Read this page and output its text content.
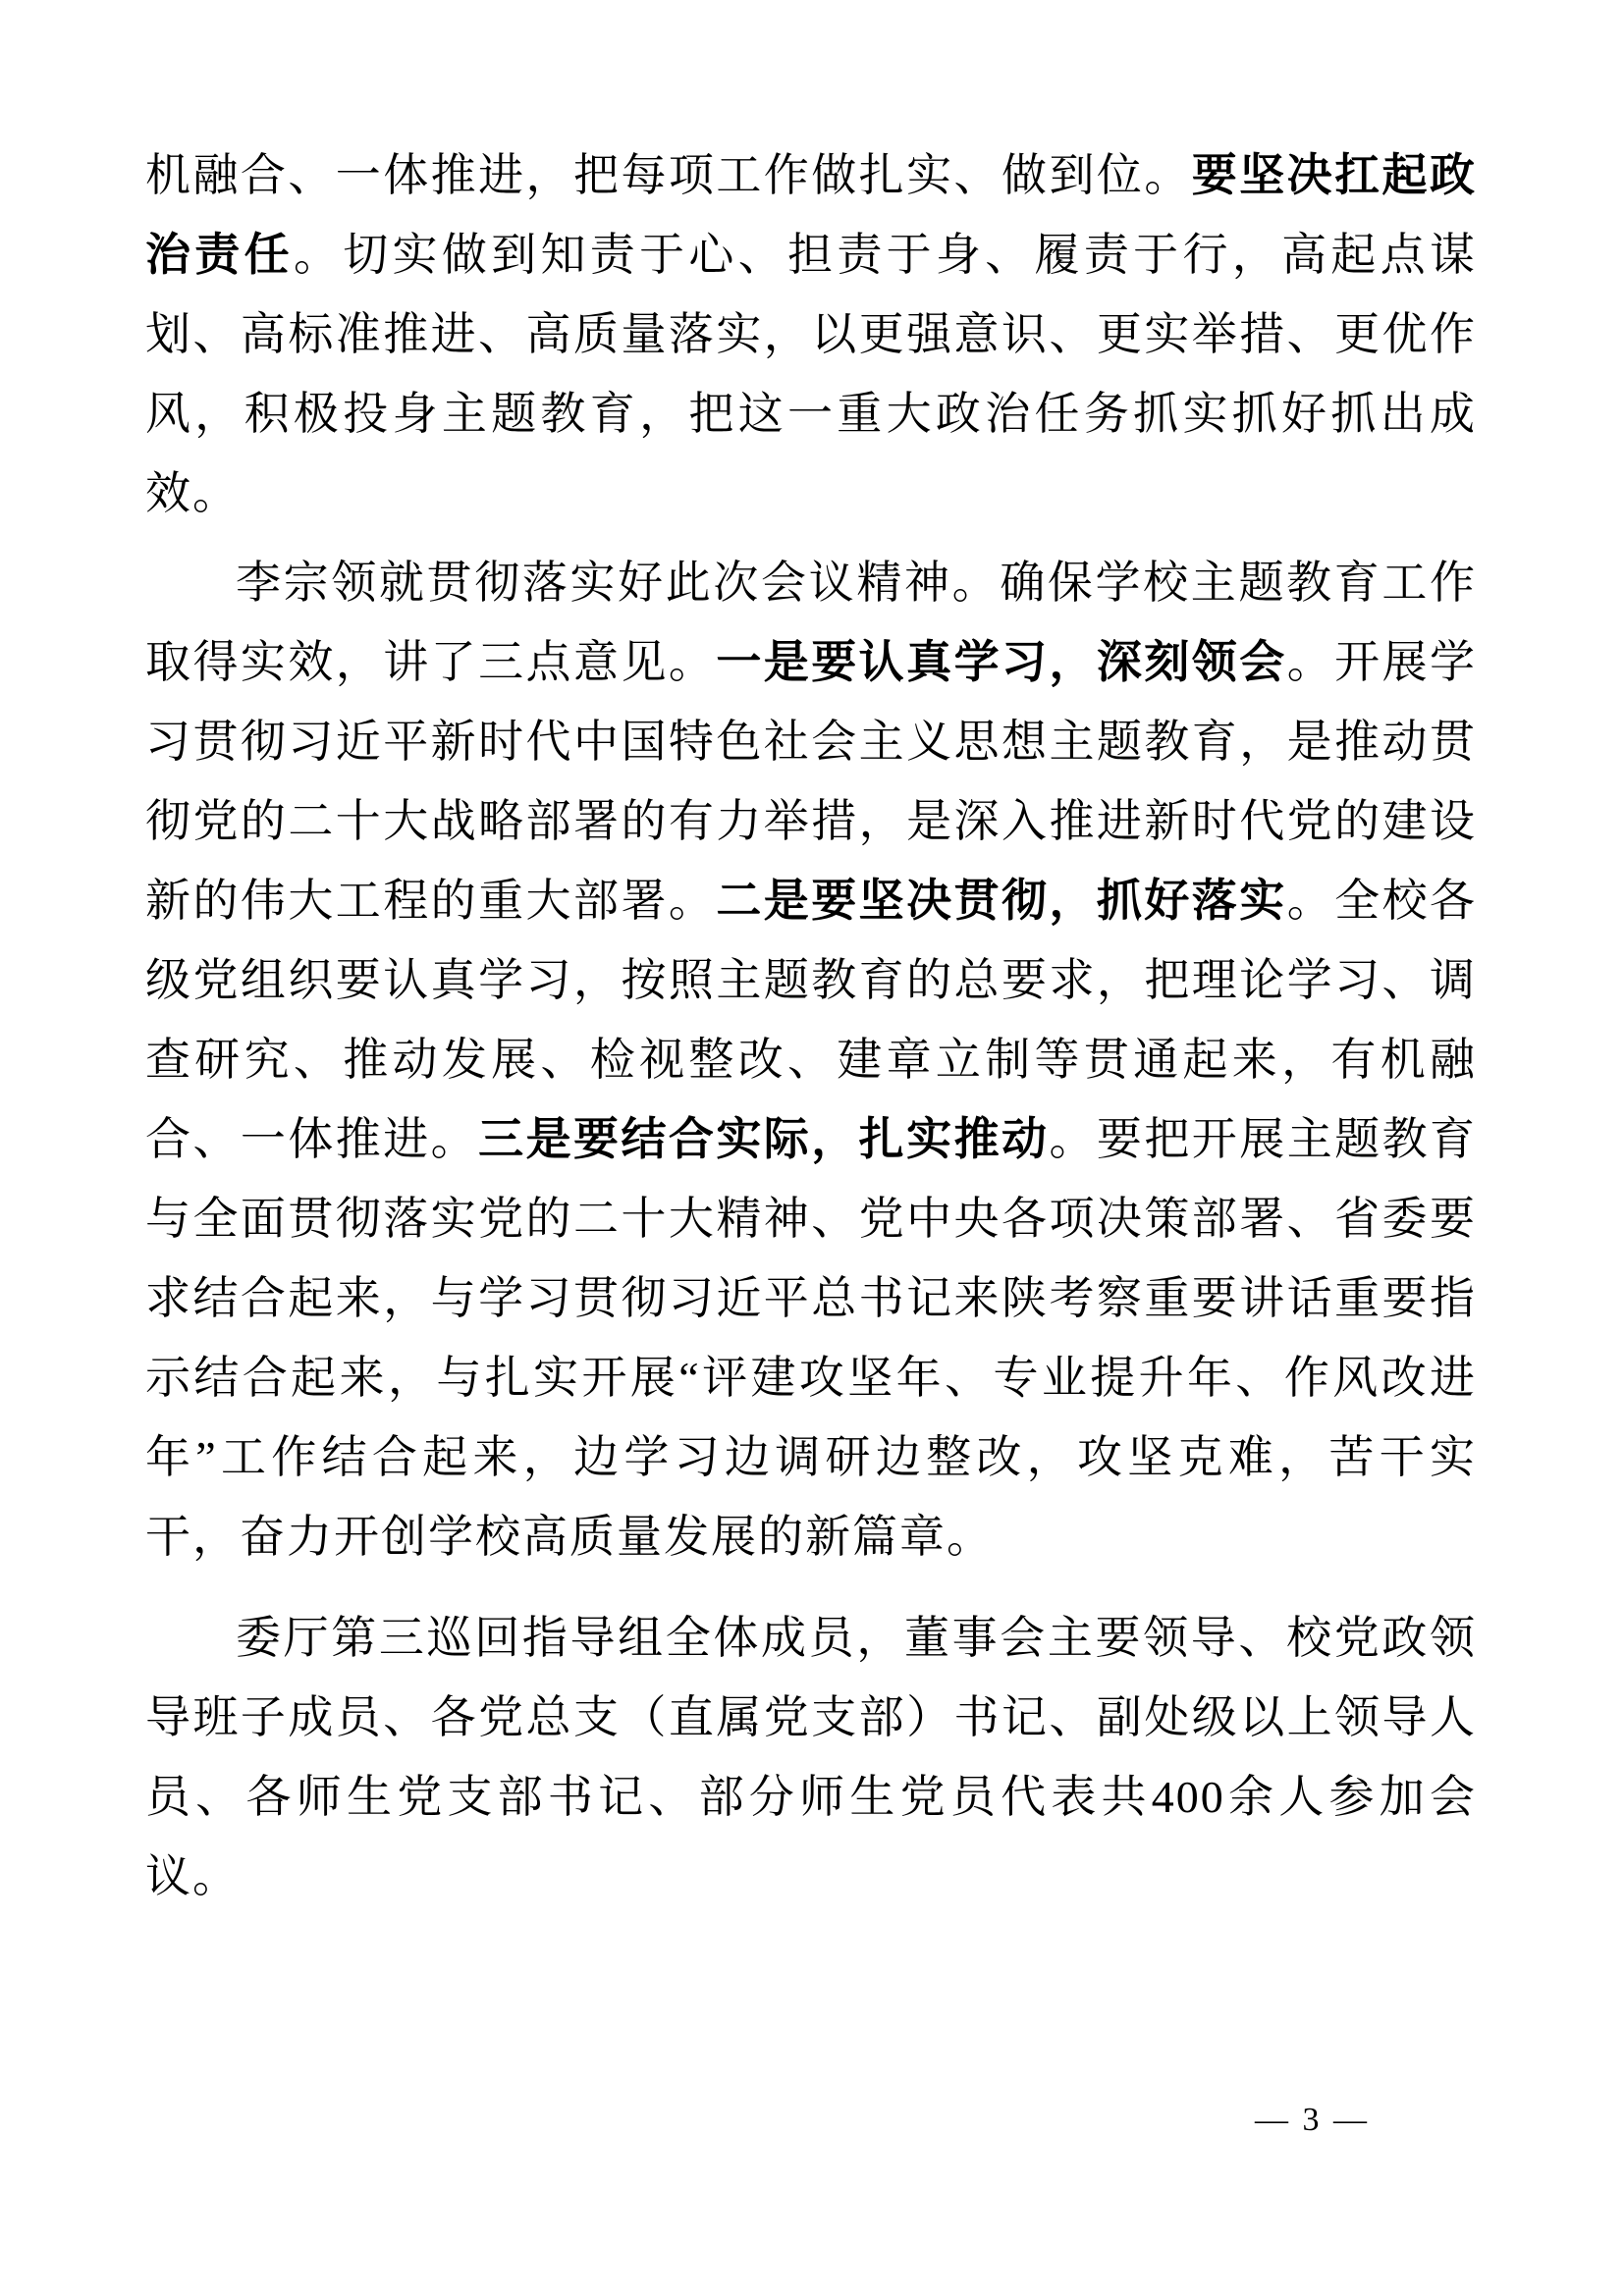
机融合、一体推进，把每项工作做扎实、做到位。要坚决扛起政治责任。切实做到知责于心、担责于身、履责于行，高起点谋划、高标准推进、高质量落实，以更强意识、更实举措、更优作风，积极投身主题教育，把这一重大政治任务抓实抓好抓出成效。

李宗领就贯彻落实好此次会议精神。确保学校主题教育工作取得实效，讲了三点意见。一是要认真学习，深刻领会。开展学习贯彻习近平新时代中国特色社会主义思想主题教育，是推动贯彻党的二十大战略部署的有力举措，是深入推进新时代党的建设新的伟大工程的重大部署。二是要坚决贯彻，抓好落实。全校各级党组织要认真学习，按照主题教育的总要求，把理论学习、调查研究、推动发展、检视整改、建章立制等贯通起来，有机融合、一体推进。三是要结合实际，扎实推动。要把开展主题教育与全面贯彻落实党的二十大精神、党中央各项决策部署、省委要求结合起来，与学习贯彻习近平总书记来陕考察重要讲话重要指示结合起来，与扎实开展“评建攻坚年、专业提升年、作风改进年”工作结合起来，边学习边调研边整改，攻坚克难，苦干实干，奋力开创学校高质量发展的新篇章。

委厅第三巡回指导组全体成员，董事会主要领导、校党政领导班子成员、各党总支（直属党支部）书记、副处级以上领导人员、各师生党支部书记、部分师生党员代表共400余人参加会议。

— 3 —
